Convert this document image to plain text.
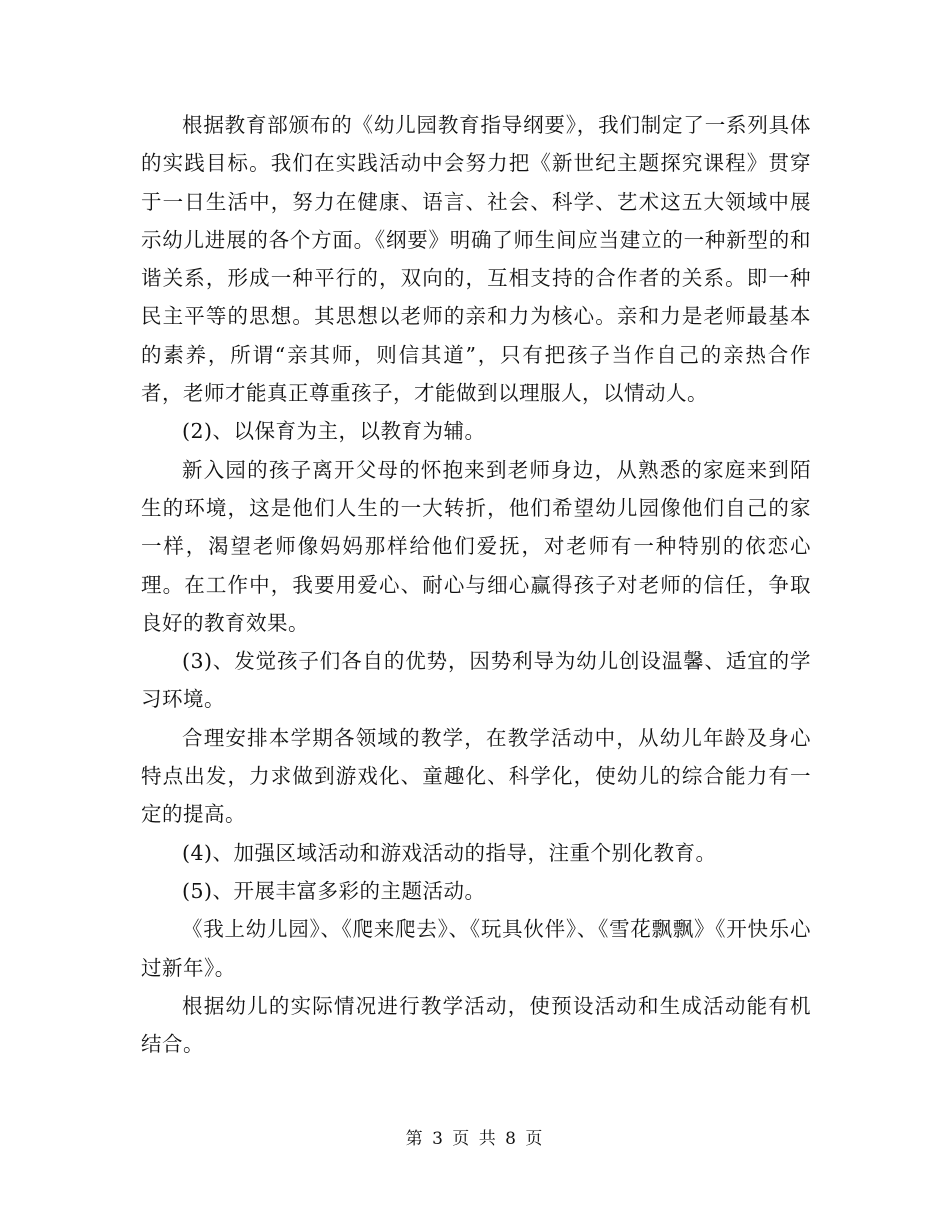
根据教育部颁布的《幼儿园教育指导纲要》，我们制定了一系列具体的实践目标。我们在实践活动中会努力把《新世纪主题探究课程》贯穿于一日生活中，努力在健康、语言、社会、科学、艺术这五大领域中展示幼儿进展的各个方面。《纲要》明确了师生间应当建立的一种新型的和谐关系，形成一种平行的，双向的，互相支持的合作者的关系。即一种民主平等的思想。其思想以老师的亲和力为核心。亲和力是老师最基本的素养，所谓“亲其师，则信其道”，只有把孩子当作自己的亲热合作者，老师才能真正尊重孩子，才能做到以理服人，以情动人。

(2)、以保育为主，以教育为辅。

新入园的孩子离开父母的怀抱来到老师身边，从熟悉的家庭来到陌生的环境，这是他们人生的一大转折，他们希望幼儿园像他们自己的家一样，渴望老师像妈妈那样给他们爱抚，对老师有一种特别的依恋心理。在工作中，我要用爱心、耐心与细心赢得孩子对老师的信任，争取良好的教育效果。

(3)、发觉孩子们各自的优势，因势利导为幼儿创设温馨、适宜的学习环境。

合理安排本学期各领域的教学，在教学活动中，从幼儿年龄及身心特点出发，力求做到游戏化、童趣化、科学化，使幼儿的综合能力有一定的提高。

(4)、加强区域活动和游戏活动的指导，注重个别化教育。

(5)、开展丰富多彩的主题活动。

《我上幼儿园》、《爬来爬去》、《玩具伙伴》、《雪花飘飘》《开快乐心过新年》。

根据幼儿的实际情况进行教学活动，使预设活动和生成活动能有机结合。

第 3 页 共 8 页
